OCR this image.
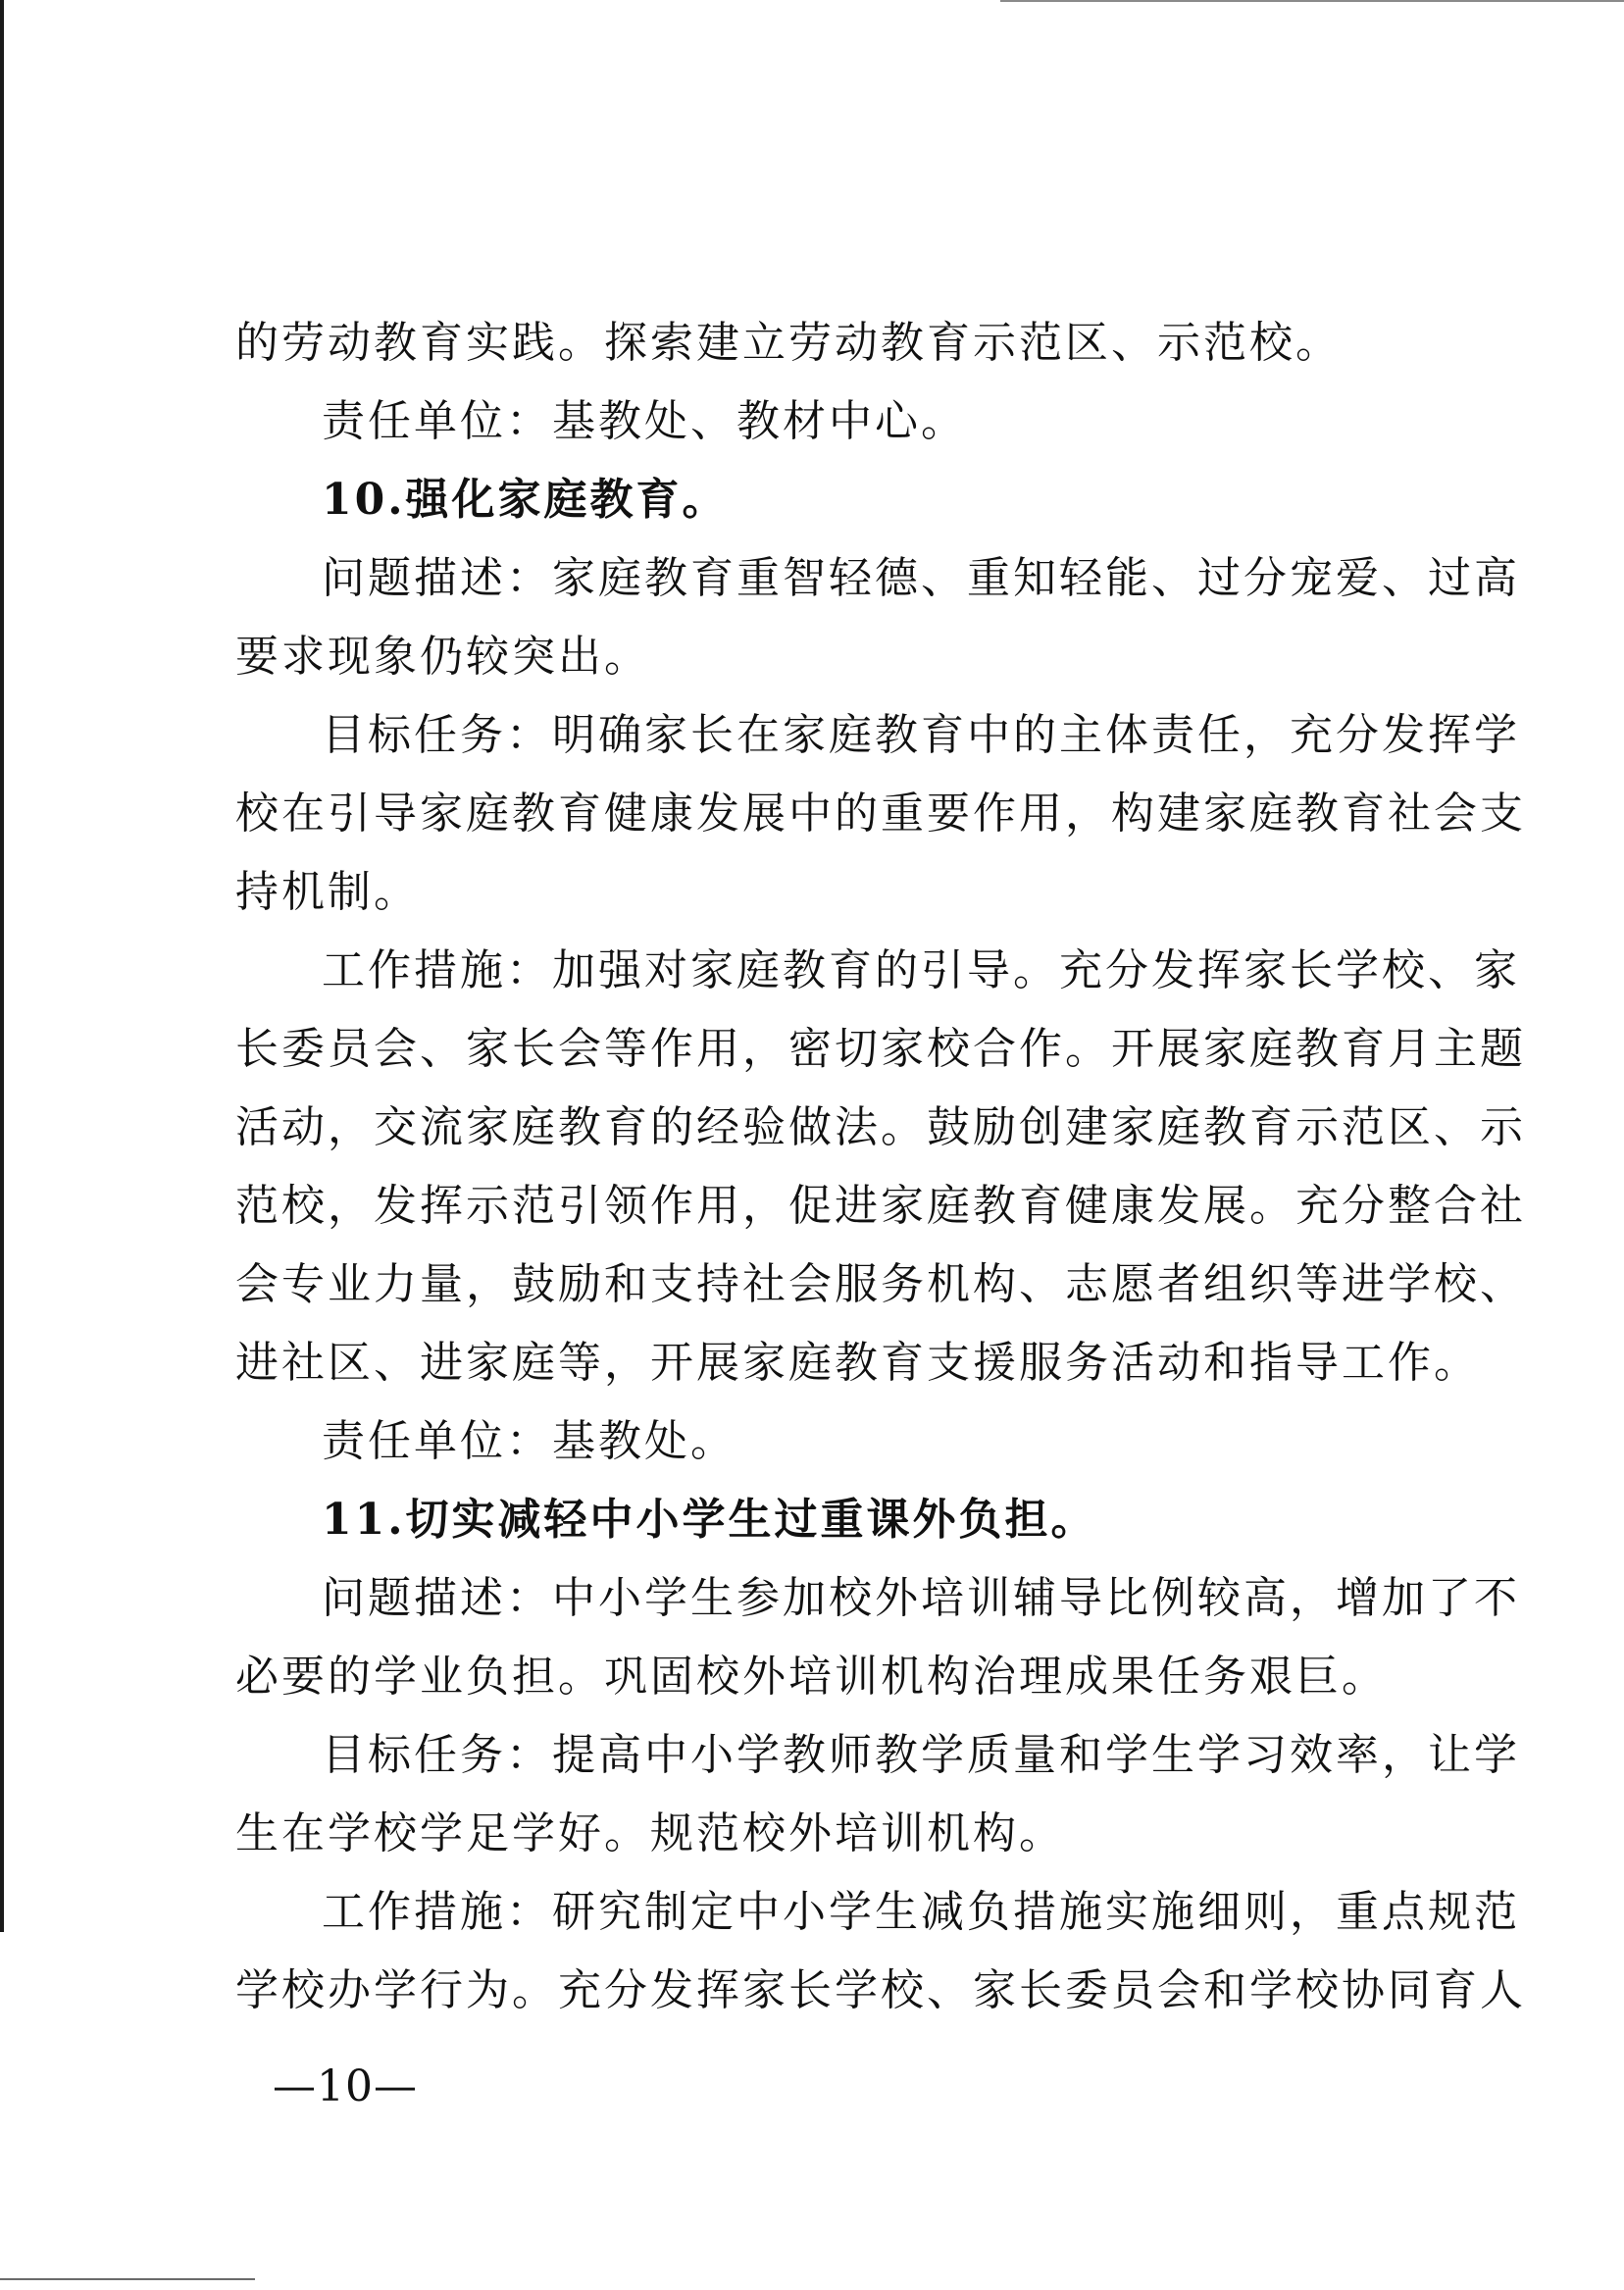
的劳动教育实践。探索建立劳动教育示范区、示范校。
责任单位：基教处、教材中心。
10.强化家庭教育。
问题描述：家庭教育重智轻德、重知轻能、过分宠爱、过高
要求现象仍较突出。
目标任务：明确家长在家庭教育中的主体责任，充分发挥学
校在引导家庭教育健康发展中的重要作用，构建家庭教育社会支
持机制。
工作措施：加强对家庭教育的引导。充分发挥家长学校、家
长委员会、家长会等作用，密切家校合作。开展家庭教育月主题
活动，交流家庭教育的经验做法。鼓励创建家庭教育示范区、示
范校，发挥示范引领作用，促进家庭教育健康发展。充分整合社
会专业力量，鼓励和支持社会服务机构、志愿者组织等进学校、
进社区、进家庭等，开展家庭教育支援服务活动和指导工作。
责任单位：基教处。
11.切实减轻中小学生过重课外负担。
问题描述：中小学生参加校外培训辅导比例较高，增加了不
必要的学业负担。巩固校外培训机构治理成果任务艰巨。
目标任务：提高中小学教师教学质量和学生学习效率，让学
生在学校学足学好。规范校外培训机构。
工作措施：研究制定中小学生减负措施实施细则，重点规范
学校办学行为。充分发挥家长学校、家长委员会和学校协同育人
—10—
